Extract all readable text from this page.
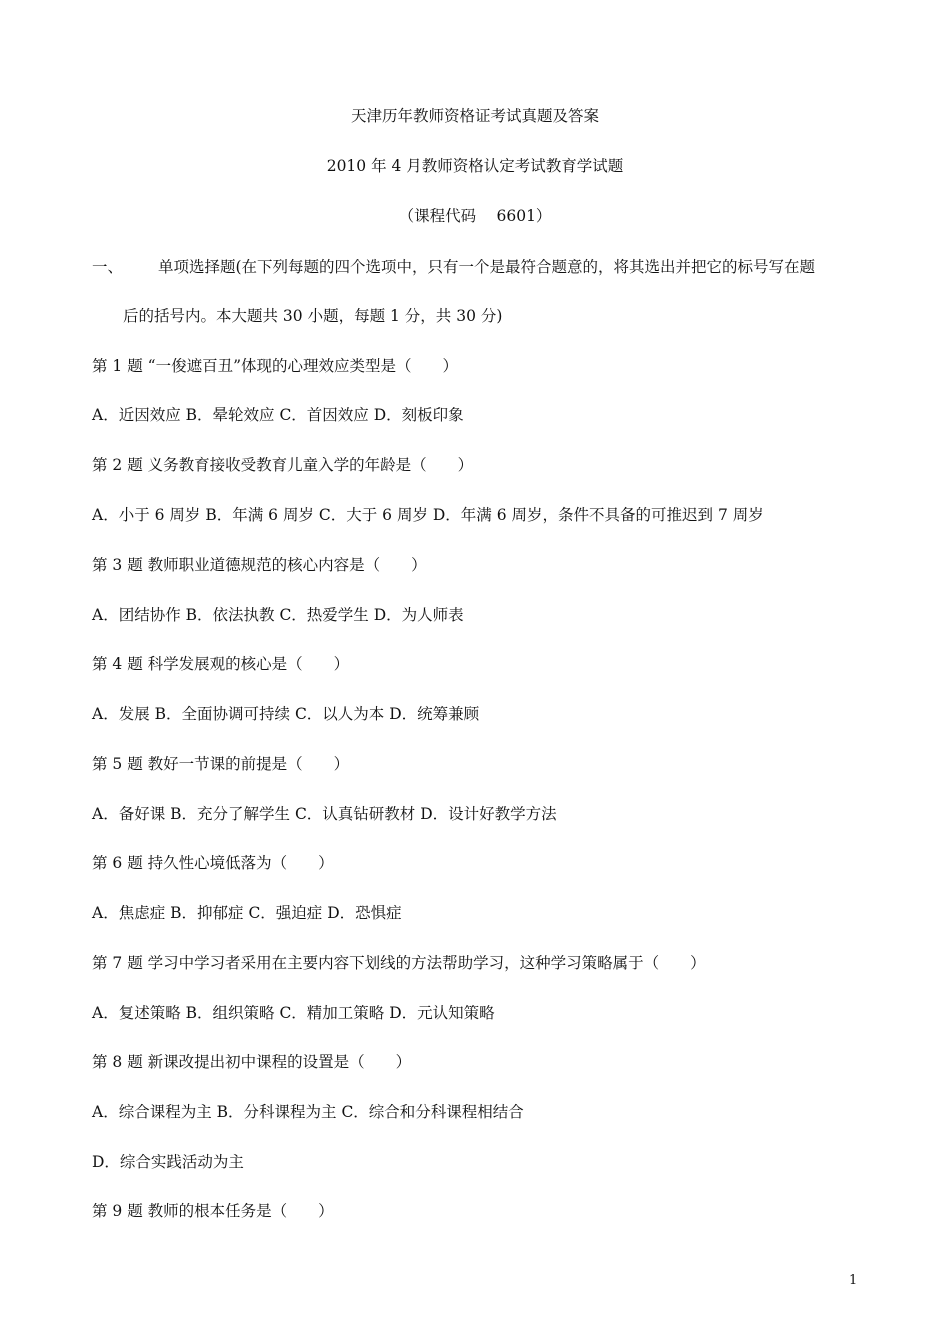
天津历年教师资格证考试真题及答案
2010 年 4 月教师资格认定考试教育学试题
（课程代码　 6601）
一、 单项选择题(在下列每题的四个选项中，只有一个是最符合题意的，将其选出并把它的标号写在题
后的括号内。本大题共 30 小题，每题 1 分，共 30 分)
第 1 题 “一俊遮百丑”体现的心理效应类型是（　　）
A．近因效应 B．晕轮效应 C．首因效应 D．刻板印象
第 2 题 义务教育接收受教育儿童入学的年龄是（　　）
A．小于 6 周岁 B．年满 6 周岁 C．大于 6 周岁 D．年满 6 周岁，条件不具备的可推迟到 7 周岁
第 3 题 教师职业道德规范的核心内容是（　　）
A．团结协作 B．依法执教 C．热爱学生 D．为人师表
第 4 题 科学发展观的核心是（　　）
A．发展 B．全面协调可持续 C．以人为本 D．统筹兼顾
第 5 题 教好一节课的前提是（　　）
A．备好课 B．充分了解学生 C．认真钻研教材 D．设计好教学方法
第 6 题 持久性心境低落为（　　）
A．焦虑症 B．抑郁症 C．强迫症 D．恐惧症
第 7 题 学习中学习者采用在主要内容下划线的方法帮助学习，这种学习策略属于（　　）
A．复述策略 B．组织策略 C．精加工策略 D．元认知策略
第 8 题 新课改提出初中课程的设置是（　　）
A．综合课程为主 B．分科课程为主 C．综合和分科课程相结合
D．综合实践活动为主
第 9 题 教师的根本任务是（　　）
1
